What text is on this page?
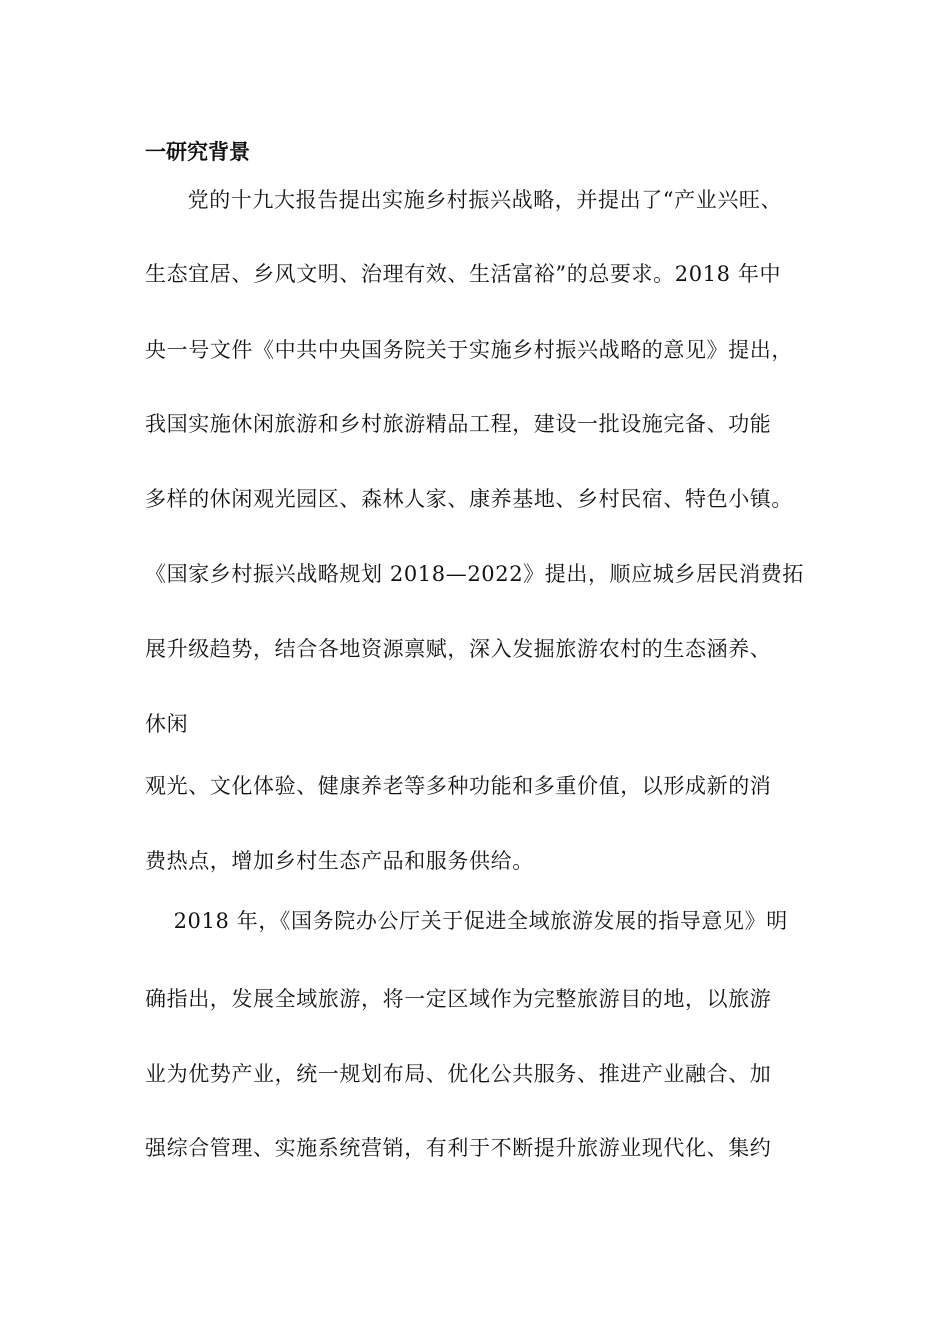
一研究背景
　党的十九大报告提出实施乡村振兴战略，并提出了“产业兴旺、
生态宜居、乡风文明、治理有效、生活富裕”的总要求。2018 年中
央一号文件《中共中央国务院关于实施乡村振兴战略的意见》提出，
我国实施休闲旅游和乡村旅游精品工程，建设一批设施完备、功能
多样的休闲观光园区、森林人家、康养基地、乡村民宿、特色小镇。
《国家乡村振兴战略规划 2018—2022》提出，顺应城乡居民消费拓
展升级趋势，结合各地资源禀赋，深入发掘旅游农村的生态涵养、
休闲
观光、文化体验、健康养老等多种功能和多重价值，以形成新的消
费热点，增加乡村生态产品和服务供给。
　2018 年，《国务院办公厅关于促进全域旅游发展的指导意见》明
确指出，发展全域旅游，将一定区域作为完整旅游目的地，以旅游
业为优势产业，统一规划布局、优化公共服务、推进产业融合、加
强综合管理、实施系统营销，有利于不断提升旅游业现代化、集约
